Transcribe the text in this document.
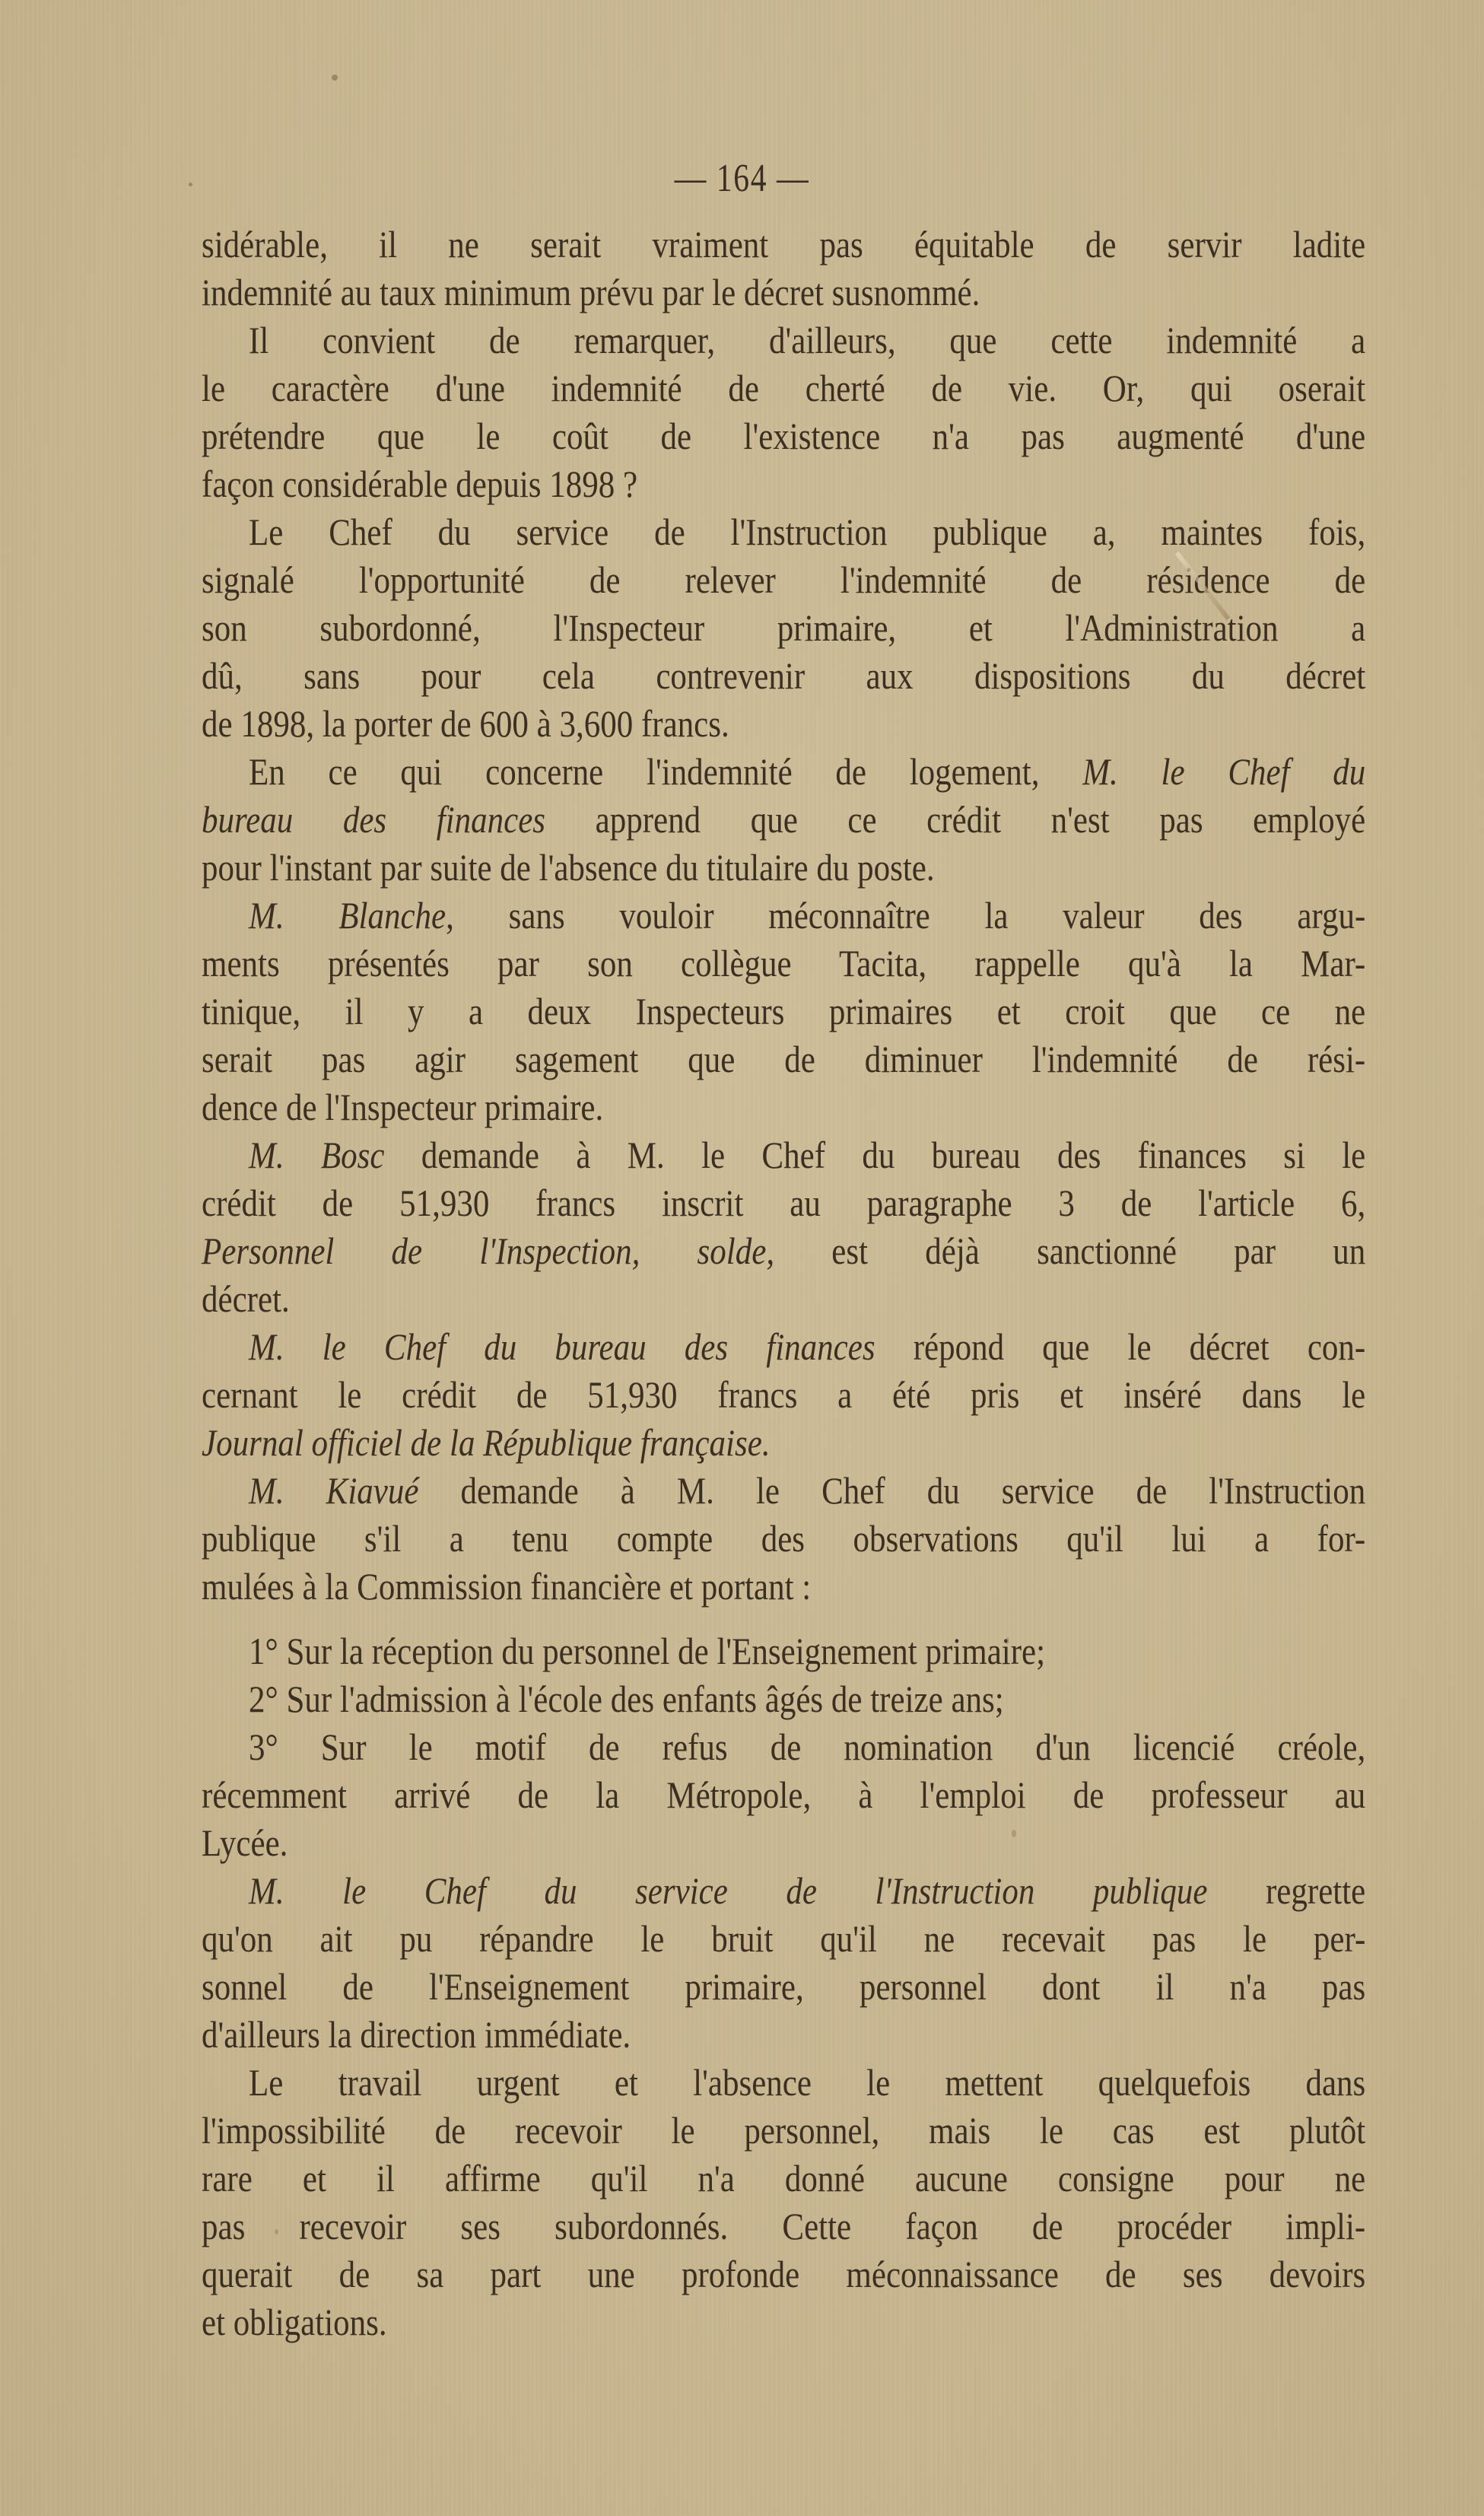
— 164 —
sidérable, il ne serait vraiment pas équitable de servir ladite
indemnité au taux minimum prévu par le décret susnommé.
Il convient de remarquer, d'ailleurs, que cette indemnité a
le caractère d'une indemnité de cherté de vie. Or, qui oserait
prétendre que le coût de l'existence n'a pas augmenté d'une
façon considérable depuis 1898 ?
Le Chef du service de l'Instruction publique a, maintes fois,
signalé l'opportunité de relever l'indemnité de résidence de
son subordonné, l'Inspecteur primaire, et l'Administration a
dû, sans pour cela contrevenir aux dispositions du décret
de 1898, la porter de 600 à 3,600 francs.
En ce qui concerne l'indemnité de logement, M. le Chef du
bureau des finances apprend que ce crédit n'est pas employé
pour l'instant par suite de l'absence du titulaire du poste.
M. Blanche, sans vouloir méconnaître la valeur des argu-
ments présentés par son collègue Tacita, rappelle qu'à la Mar-
tinique, il y a deux Inspecteurs primaires et croit que ce ne
serait pas agir sagement que de diminuer l'indemnité de rési-
dence de l'Inspecteur primaire.
M. Bosc demande à M. le Chef du bureau des finances si le
crédit de 51,930 francs inscrit au paragraphe 3 de l'article 6,
Personnel de l'Inspection, solde, est déjà sanctionné par un
décret.
M. le Chef du bureau des finances répond que le décret con-
cernant le crédit de 51,930 francs a été pris et inséré dans le
Journal officiel de la République française.
M. Kiavué demande à M. le Chef du service de l'Instruction
publique s'il a tenu compte des observations qu'il lui a for-
mulées à la Commission financière et portant :
1° Sur la réception du personnel de l'Enseignement primaire;
2° Sur l'admission à l'école des enfants âgés de treize ans;
3° Sur le motif de refus de nomination d'un licencié créole,
récemment arrivé de la Métropole, à l'emploi de professeur au
Lycée.
M. le Chef du service de l'Instruction publique regrette
qu'on ait pu répandre le bruit qu'il ne recevait pas le per-
sonnel de l'Enseignement primaire, personnel dont il n'a pas
d'ailleurs la direction immédiate.
Le travail urgent et l'absence le mettent quelquefois dans
l'impossibilité de recevoir le personnel, mais le cas est plutôt
rare et il affirme qu'il n'a donné aucune consigne pour ne
pas recevoir ses subordonnés. Cette façon de procéder impli-
querait de sa part une profonde méconnaissance de ses devoirs
et obligations.
